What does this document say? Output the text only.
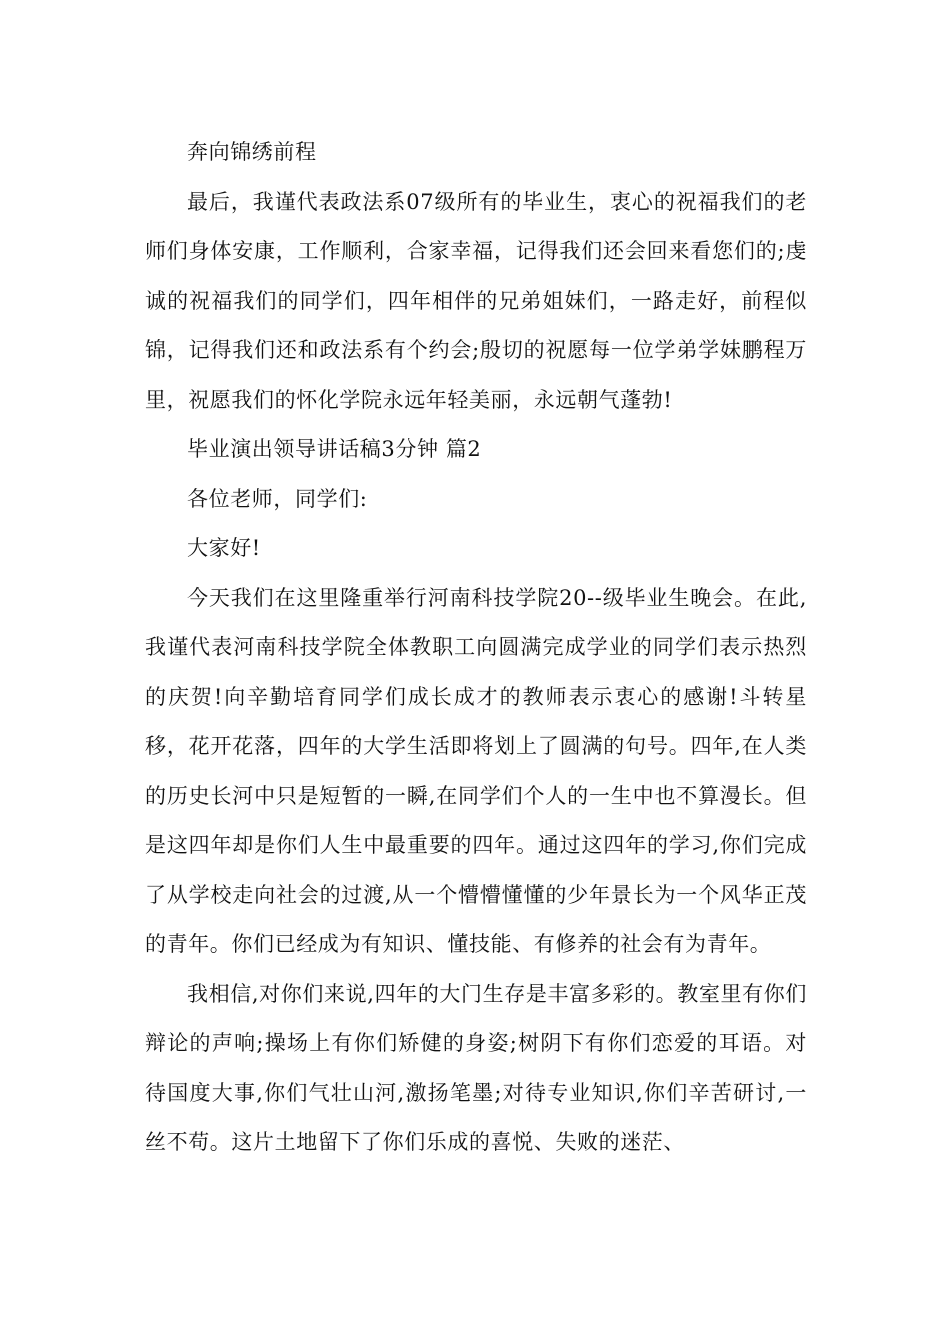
奔向锦绣前程

最后，我谨代表政法系07级所有的毕业生，衷心的祝福我们的老师们身体安康，工作顺利，合家幸福，记得我们还会回来看您们的;虔诚的祝福我们的同学们，四年相伴的兄弟姐妹们，一路走好，前程似锦，记得我们还和政法系有个约会;殷切的祝愿每一位学弟学妹鹏程万里，祝愿我们的怀化学院永远年轻美丽，永远朝气蓬勃!

毕业演出领导讲话稿3分钟 篇2

各位老师，同学们:

大家好!

今天我们在这里隆重举行河南科技学院20--级毕业生晚会。在此,我谨代表河南科技学院全体教职工向圆满完成学业的同学们表示热烈的庆贺!向辛勤培育同学们成长成才的教师表示衷心的感谢!斗转星移，花开花落，四年的大学生活即将划上了圆满的句号。四年,在人类的历史长河中只是短暂的一瞬,在同学们个人的一生中也不算漫长。但是这四年却是你们人生中最重要的四年。通过这四年的学习,你们完成了从学校走向社会的过渡,从一个懵懵懂懂的少年景长为一个风华正茂的青年。你们已经成为有知识、懂技能、有修养的社会有为青年。

我相信,对你们来说,四年的大门生存是丰富多彩的。教室里有你们辩论的声响;操场上有你们矫健的身姿;树阴下有你们恋爱的耳语。对待国度大事,你们气壮山河,激扬笔墨;对待专业知识,你们辛苦研讨,一丝不苟。这片土地留下了你们乐成的喜悦、失败的迷茫、
